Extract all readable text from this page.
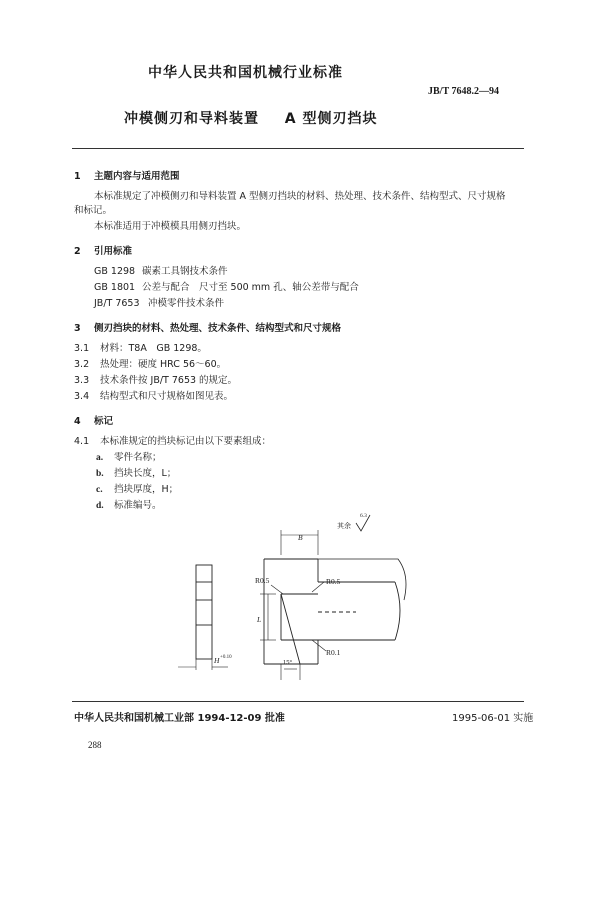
中华人民共和国机械行业标准
JB/T 7648.2—94
冲模侧刃和导料装置 A 型侧刃挡块
1 主题内容与适用范围
本标准规定了冲模侧刃和导料装置 A 型侧刃挡块的材料、热处理、技术条件、结构型式、尺寸规格
和标记。
本标准适用于冲模模具用侧刃挡块。
2 引用标准
GB 1298 碳素工具钢技术条件
GB 1801 公差与配合　尺寸至 500 mm 孔、轴公差带与配合
JB/T 7653 冲模零件技术条件
3 侧刃挡块的材料、热处理、技术条件、结构型式和尺寸规格
3.1 材料：T8A　GB 1298。
3.2 热处理：硬度 HRC 56～60。
3.3 技术条件按 JB/T 7653 的规定。
3.4 结构型式和尺寸规格如图见表。
4 标记
4.1 本标准规定的挡块标记由以下要素组成：
a. 零件名称；
b. 挡块长度，L；
c. 挡块厚度，H；
d. 标准编号。
其余
6.3
B
L
R0.5	R0.5
R0.1
15°
H +0.10
中华人民共和国机械工业部 1994-12-09 批准	1995-06-01 实施
288
